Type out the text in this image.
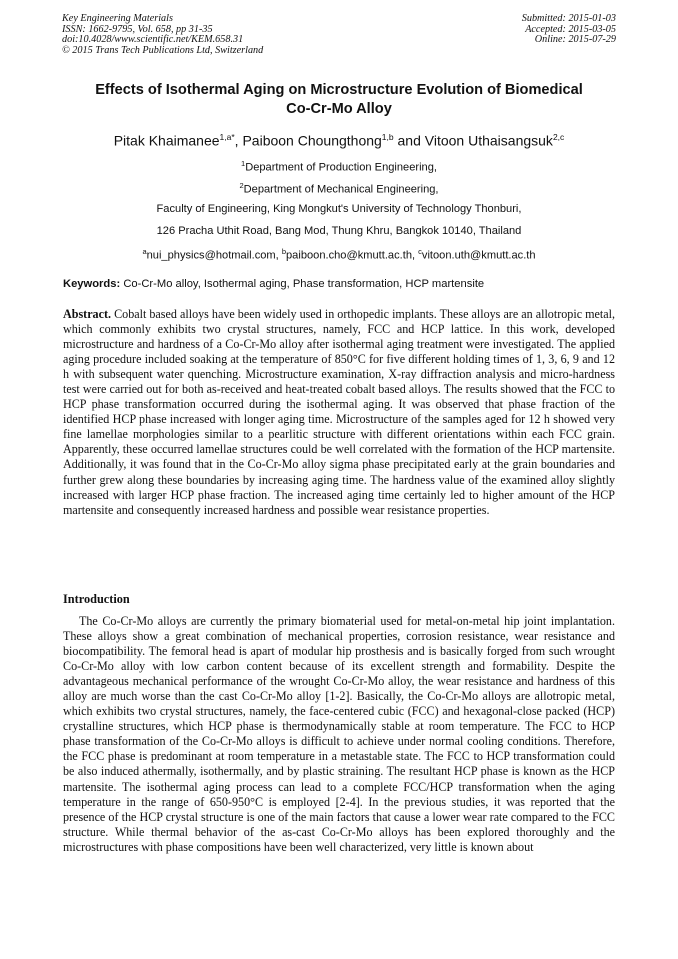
Key Engineering Materials
ISSN: 1662-9795, Vol. 658, pp 31-35
doi:10.4028/www.scientific.net/KEM.658.31
© 2015 Trans Tech Publications Ltd, Switzerland
Submitted: 2015-01-03
Accepted: 2015-03-05
Online: 2015-07-29
Effects of Isothermal Aging on Microstructure Evolution of Biomedical
Co-Cr-Mo Alloy
Pitak Khaimanee$^{1,a*}$, Paiboon Choungthong$^{1,b}$ and Vitoon Uthaisangsuk$^{2,c}$
$^1$Department of Production Engineering,
$^2$Department of Mechanical Engineering,
Faculty of Engineering, King Mongkut's University of Technology Thonburi,
126 Pracha Uthit Road, Bang Mod, Thung Khru, Bangkok 10140, Thailand
$^a$nui_physics@hotmail.com, $^b$paiboon.cho@kmutt.ac.th, $^c$vitoon.uth@kmutt.ac.th
Keywords: Co-Cr-Mo alloy, Isothermal aging, Phase transformation, HCP martensite
Abstract. Cobalt based alloys have been widely used in orthopedic implants. These alloys are an allotropic metal, which commonly exhibits two crystal structures, namely, FCC and HCP lattice. In this work, developed microstructure and hardness of a Co-Cr-Mo alloy after isothermal aging treatment were investigated. The applied aging procedure included soaking at the temperature of 850°C for five different holding times of 1, 3, 6, 9 and 12 h with subsequent water quenching. Microstructure examination, X-ray diffraction analysis and micro-hardness test were carried out for both as-received and heat-treated cobalt based alloys. The results showed that the FCC to HCP phase transformation occurred during the isothermal aging. It was observed that phase fraction of the identified HCP phase increased with longer aging time. Microstructure of the samples aged for 12 h showed very fine lamellae morphologies similar to a pearlitic structure with different orientations within each FCC grain. Apparently, these occurred lamellae structures could be well correlated with the formation of the HCP martensite. Additionally, it was found that in the Co-Cr-Mo alloy sigma phase precipitated early at the grain boundaries and further grew along these boundaries by increasing aging time. The hardness value of the examined alloy slightly increased with larger HCP phase fraction. The increased aging time certainly led to higher amount of the HCP martensite and consequently increased hardness and possible wear resistance properties.
Introduction
The Co-Cr-Mo alloys are currently the primary biomaterial used for metal-on-metal hip joint implantation. These alloys show a great combination of mechanical properties, corrosion resistance, wear resistance and biocompatibility. The femoral head is apart of modular hip prosthesis and is basically forged from such wrought Co-Cr-Mo alloy with low carbon content because of its excellent strength and formability. Despite the advantageous mechanical performance of the wrought Co-Cr-Mo alloy, the wear resistance and hardness of this alloy are much worse than the cast Co-Cr-Mo alloy [1-2]. Basically, the Co-Cr-Mo alloys are allotropic metal, which exhibits two crystal structures, namely, the face-centered cubic (FCC) and hexagonal-close packed (HCP) crystalline structures, which HCP phase is thermodynamically stable at room temperature. The FCC to HCP phase transformation of the Co-Cr-Mo alloys is difficult to achieve under normal cooling conditions. Therefore, the FCC phase is predominant at room temperature in a metastable state. The FCC to HCP transformation could be also induced athermally, isothermally, and by plastic straining. The resultant HCP phase is known as the HCP martensite. The isothermal aging process can lead to a complete FCC/HCP transformation when the aging temperature in the range of 650-950°C is employed [2-4]. In the previous studies, it was reported that the presence of the HCP crystal structure is one of the main factors that cause a lower wear rate compared to the FCC structure. While thermal behavior of the as-cast Co-Cr-Mo alloys has been explored thoroughly and the microstructures with phase compositions have been well characterized, very little is known about
